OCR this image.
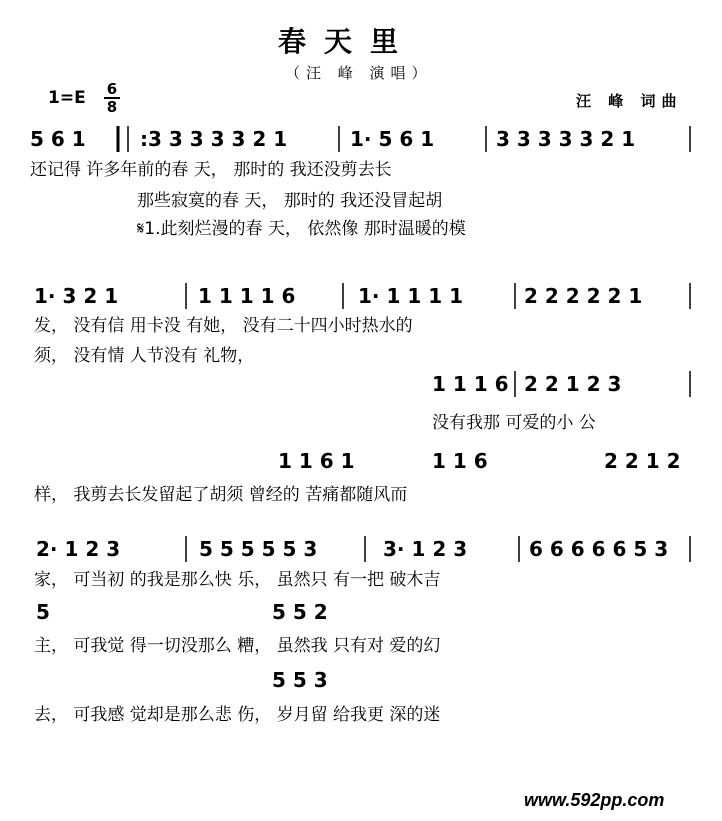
春天里
（汪 峰 演唱）
1=E 6
8	汪 峰 词曲
5 6 1	:3 3 3 3 3 2 1	1· 5 6 1	3 3 3 3 3 2 1
还记得 许多年前的春 天， 那时的 我还没剪去长
那些寂寞的春 天， 那时的 我还没冒起胡
𝄋1.此刻烂漫的春 天， 依然像 那时温暖的模
1· 3 2 1	1 1 1 1 6	1· 1 1 1 1	2 2 2 2 2 1
发， 没有信 用卡没 有她， 没有二十四小时热水的
须， 没有情 人节没有 礼物，
1 1 1 6 2 2 1 2 3
没有我那 可爱的小 公
1 1 6 1	1 1 6	2 2 1 2
样， 我剪去长发留起了胡须 曾经的 苦痛都随风而
2· 1 2 3	5 5 5 5 5 3	3· 1 2 3	6 6 6 6 6 5 3
家， 可当初 的我是那么快 乐， 虽然只 有一把 破木吉
5	5 5 2
主， 可我觉 得一切没那么 糟， 虽然我 只有对 爱的幻
5 5 3
去， 可我感 觉却是那么悲 伤， 岁月留 给我更 深的迷
www.592pp.com
